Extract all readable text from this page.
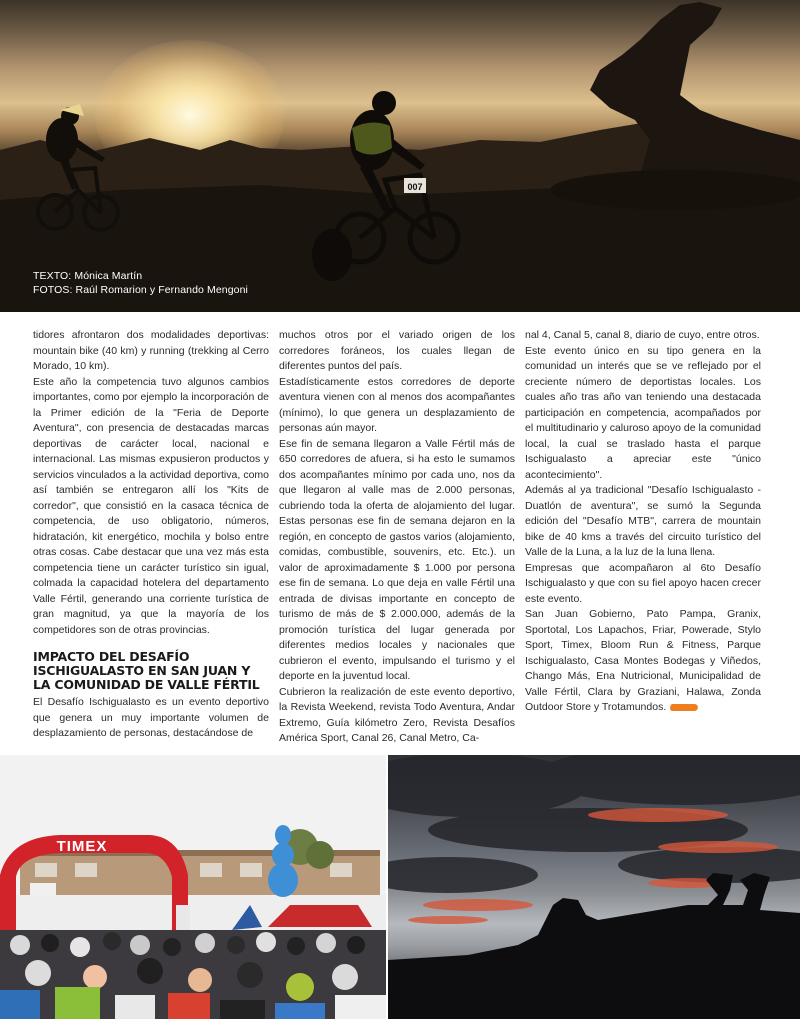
007
TEXTO: Mónica Martín
FOTOS: Raúl Romarion y Fernando Mengoni

tidores afrontaron dos modalidades deportivas: mountain bike (40 km) y running (trekking al Cerro Morado, 10 km).

Este año la competencia tuvo algunos cambios importantes, como por ejemplo la incorporación de la Primer edición de la "Feria de Deporte Aventura", con presencia de destacadas marcas deportivas de carácter local, nacional e internacional. Las mismas expusieron productos y servicios vinculados a la actividad deportiva, como así también se entregaron allí los "Kits de corredor", que consistió en la casaca técnica de competencia, de uso obligatorio, números, hidratación, kit energético, mochila y bolso entre otras cosas. Cabe destacar que una vez más esta competencia tiene un carácter turístico sin igual, colmada la capacidad hotelera del departamento Valle Fértil, generando una corriente turística de gran magnitud, ya que la mayoría de los competidores son de otras provincias.

IMPACTO DEL DESAFÍO ISCHIGUALASTO EN SAN JUAN Y LA COMUNIDAD DE VALLE FÉRTIL

El Desafío Ischigualasto es un evento deportivo que genera un muy importante volumen de desplazamiento de personas, destacándose de

muchos otros por el variado origen de los corredores foráneos, los cuales llegan de diferentes puntos del país.

Estadísticamente estos corredores de deporte aventura vienen con al menos dos acompañantes (mínimo), lo que genera un desplazamiento de personas aún mayor.

Ese fin de semana llegaron a Valle Fértil más de 650 corredores de afuera, si ha esto le sumamos dos acompañantes mínimo por cada uno, nos da que llegaron al valle mas de 2.000 personas, cubriendo toda la oferta de alojamiento del lugar. Estas personas ese fin de semana dejaron en la región, en concepto de gastos varios (alojamiento, comidas, combustible, souvenirs, etc. Etc.). un valor de aproximadamente $ 1.000 por persona ese fin de semana. Lo que deja en valle Fértil una entrada de divisas importante en concepto de turismo de más de $ 2.000.000, además de la promoción turística del lugar generada por diferentes medios locales y nacionales que cubrieron el evento, impulsando el turismo y el deporte en la juventud local.

Cubrieron la realización de este evento deportivo, la Revista Weekend, revista Todo Aventura, Andar Extremo, Guía kilómetro Zero, Revista Desafíos América Sport, Canal 26, Canal Metro, Ca-

nal 4, Canal 5, canal 8, diario de cuyo, entre otros.

Este evento único en su tipo genera en la comunidad un interés que se ve reflejado por el creciente número de deportistas locales. Los cuales año tras año van teniendo una destacada participación en competencia, acompañados por el multitudinario y caluroso apoyo de la comunidad local, la cual se traslado hasta el parque Ischigualasto a apreciar este "único acontecimiento".

Además al ya tradicional "Desafío Ischigualasto - Duatlón de aventura", se sumó la Segunda edición del "Desafío MTB", carrera de mountain bike de 40 kms a través del circuito turístico del Valle de la Luna, a la luz de la luna llena.

Empresas que acompañaron al 6to Desafío Ischigualasto y que con su fiel apoyo hacen crecer este evento.

San Juan Gobierno, Pato Pampa, Granix, Sportotal, Los Lapachos, Friar, Powerade, Stylo Sport, Timex, Bloom Run & Fitness, Parque Ischigualasto, Casa Montes Bodegas y Viñedos, Chango Más, Ena Nutricional, Municipalidad de Valle Fértil, Clara by Graziani, Halawa, Zonda Outdoor Store y Trotamundos.

TIMEX
